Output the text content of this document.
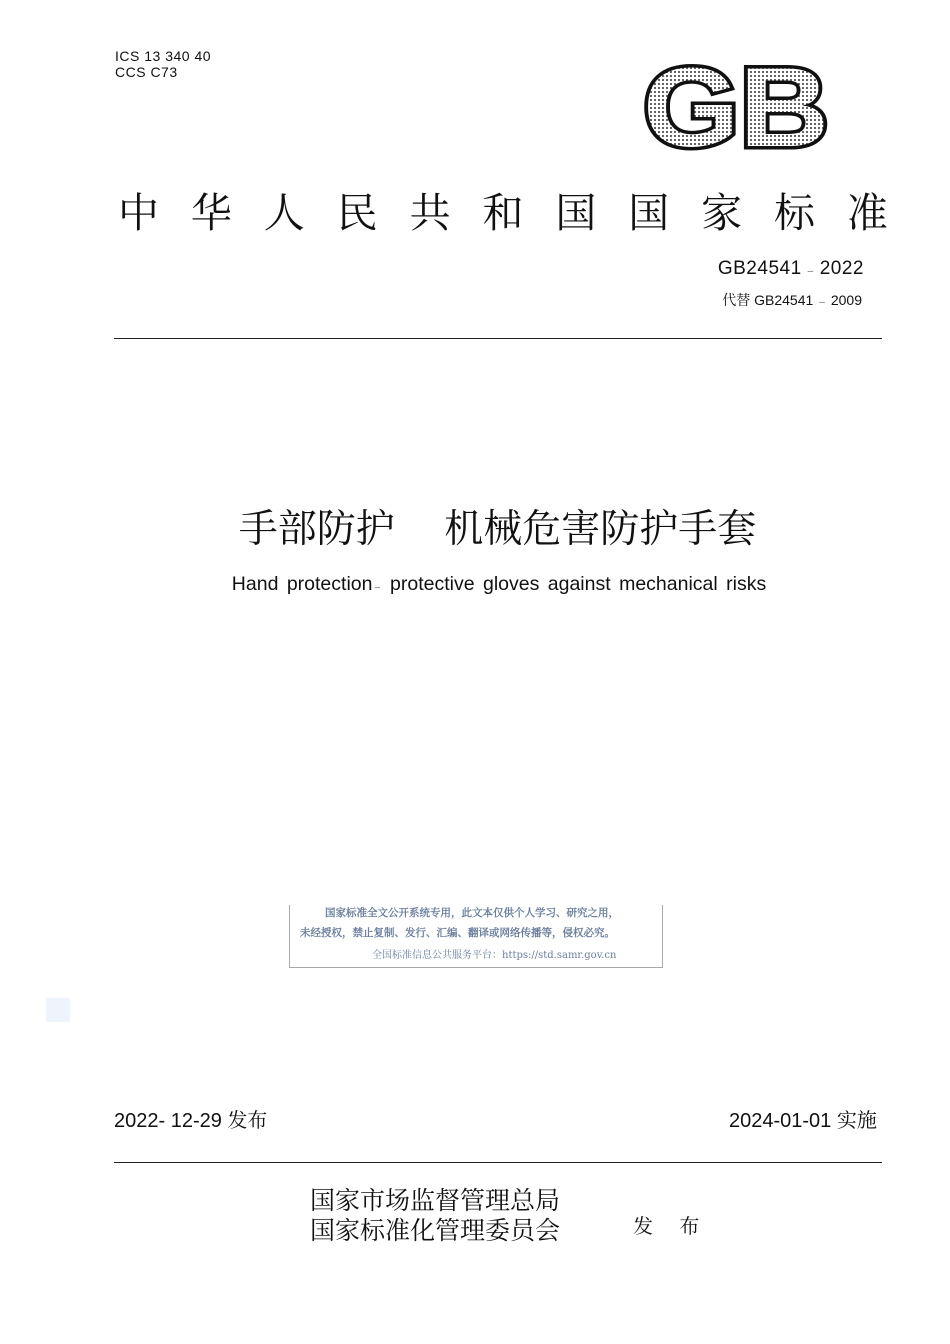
ICS 13 340 40
CCS C73	GB
中 华 人 民 共 和 国 国 家 标 准
GB24541 – 2022
代替 GB24541 – 2009
手部防护 机械危害防护手套
Hand protection – protective gloves against mechanical risks
国家标准全文公开系统专用，此文本仅供个人学习、研究之用，
未经授权，禁止复制、发行、汇编、翻译或网络传播等，侵权必究。
全国标准信息公共服务平台：https://std.samr.gov.cn
2022- 12-29 发布	2024-01-01 实施
国家市场监督管理总局
国家标准化管理委员会	发 布
